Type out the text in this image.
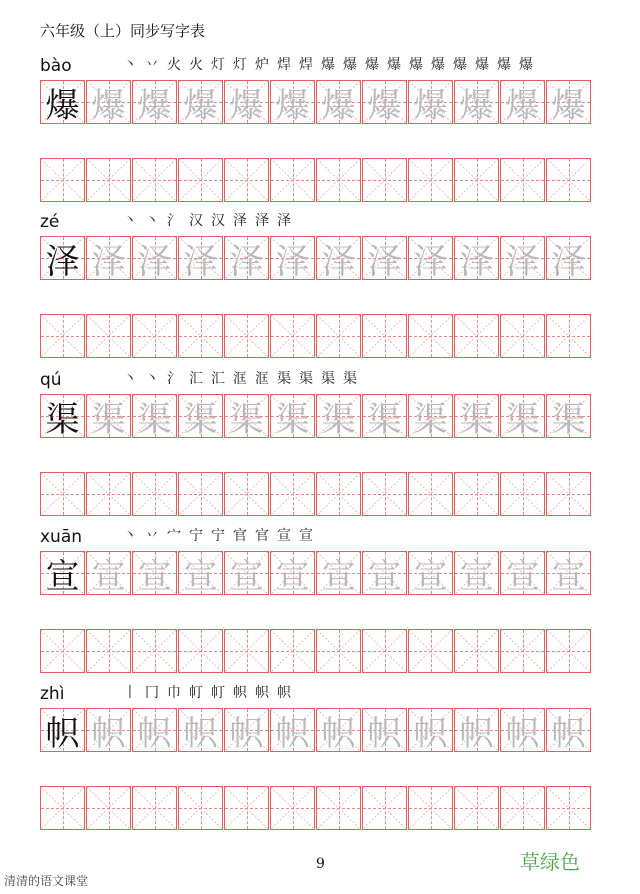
六年级（上）同步写字表
bào	丶 丷 火 火 灯 灯 炉 焊 焊 爆 爆 爆 爆 爆 爆 爆 爆 爆 爆
爆 爆 爆 爆 爆 爆 爆 爆 爆 爆 爆 爆
zé	丶 丶 氵 汉 汉 泽 泽 泽
泽 泽 泽 泽 泽 泽 泽 泽 泽 泽 泽 泽
qú	丶 丶 氵 汇 汇 洭 洭 渠 渠 渠 渠
渠 渠 渠 渠 渠 渠 渠 渠 渠 渠 渠 渠
xuān	丶 丷 宀 宁 宁 官 官 宣 宣
宣 宣 宣 宣 宣 宣 宣 宣 宣 宣 宣 宣
zhì	丨 冂 巾 帄 帄 帜 帜 帜
帜 帜 帜 帜 帜 帜 帜 帜 帜 帜 帜 帜
9	草绿色
清清的语文课堂
